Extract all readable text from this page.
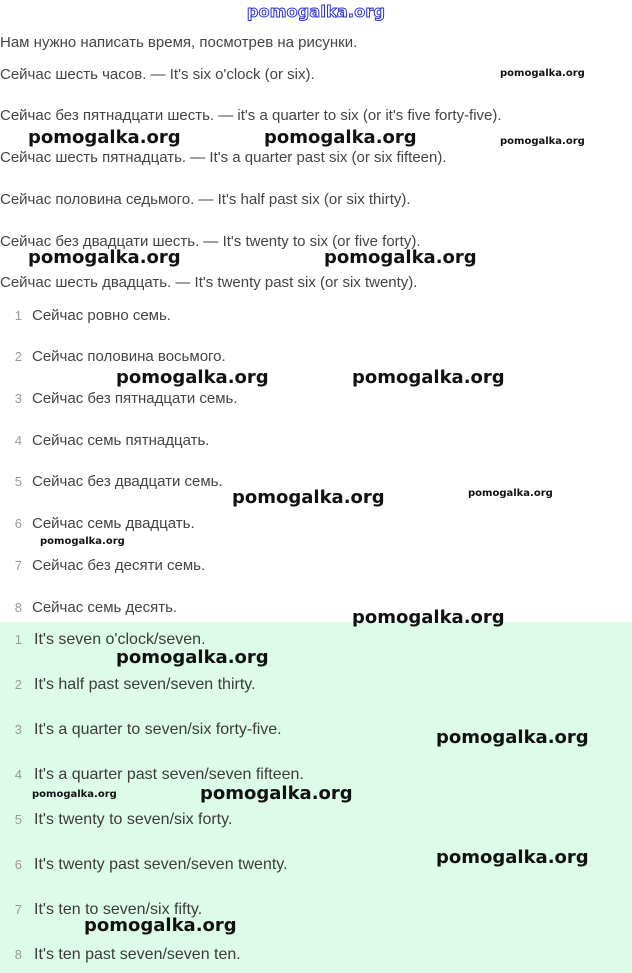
pomogalka.org
Нам нужно написать время, посмотрев на рисунки.
Сейчас шесть часов. — It's six o'clock (or six).
Сейчас без пятнадцати шесть. — it's a quarter to six (or it's five forty-five).
Сейчас шесть пятнадцать. — It's a quarter past six (or six fifteen).
Сейчас половина седьмого. — It's half past six (or six thirty).
Сейчас без двадцати шесть. — It's twenty to six (or five forty).
Сейчас шесть двадцать. — It's twenty past six (or six twenty).
1 Сейчас ровно семь.
2 Сейчас половина восьмого.
3 Сейчас без пятнадцати семь.
4 Сейчас семь пятнадцать.
5 Сейчас без двадцати семь.
6 Сейчас семь двадцать.
7 Сейчас без десяти семь.
8 Сейчас семь десять.
1 It's seven o'clock/seven.
2 It's half past seven/seven thirty.
3 It's a quarter to seven/six forty-five.
4 It's a quarter past seven/seven fifteen.
5 It's twenty to seven/six forty.
6 It's twenty past seven/seven twenty.
7 It's ten to seven/six fifty.
8 It's ten past seven/seven ten.
pomogalka.org
pomogalka.org	pomogalka.org	pomogalka.org
pomogalka.org	pomogalka.org
pomogalka.org	pomogalka.org
pomogalka.org	pomogalka.org
pomogalka.org
pomogalka.org
pomogalka.org
pomogalka.org
pomogalka.org	pomogalka.org
pomogalka.org
pomogalka.org
